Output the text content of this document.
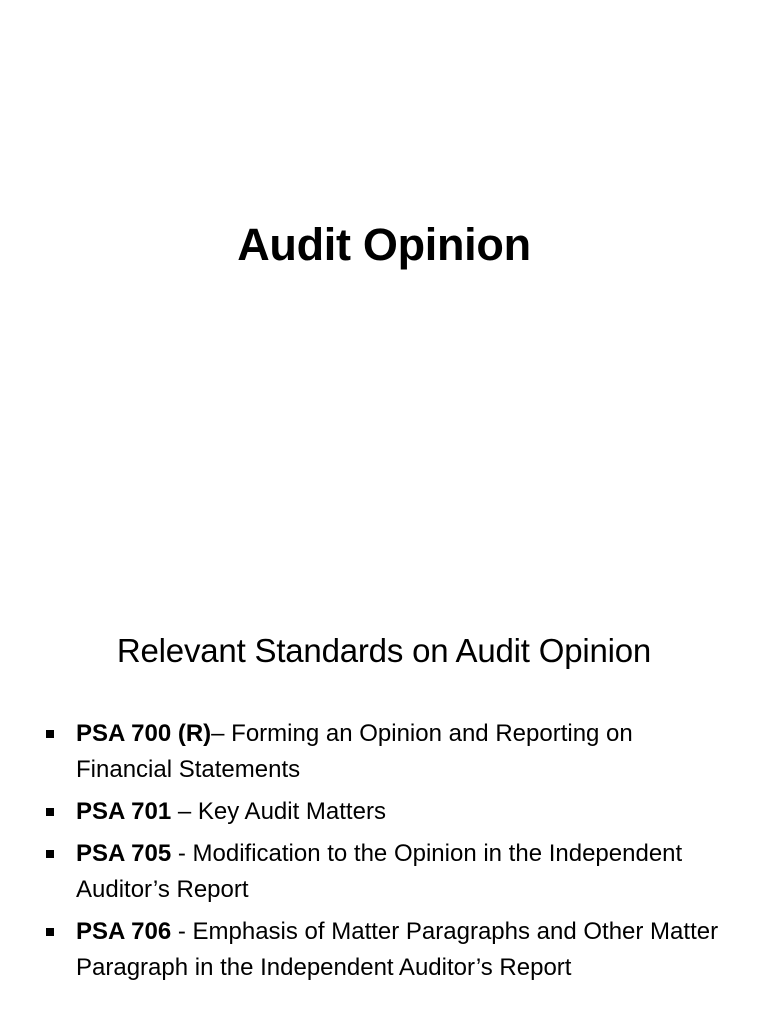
Audit Opinion
Relevant Standards on Audit Opinion
PSA 700 (R)– Forming an Opinion and Reporting on Financial Statements
PSA 701 – Key Audit Matters
PSA 705 - Modification to the Opinion in the Independent Auditor’s Report
PSA 706 - Emphasis of Matter Paragraphs and Other Matter Paragraph in the Independent Auditor’s Report
